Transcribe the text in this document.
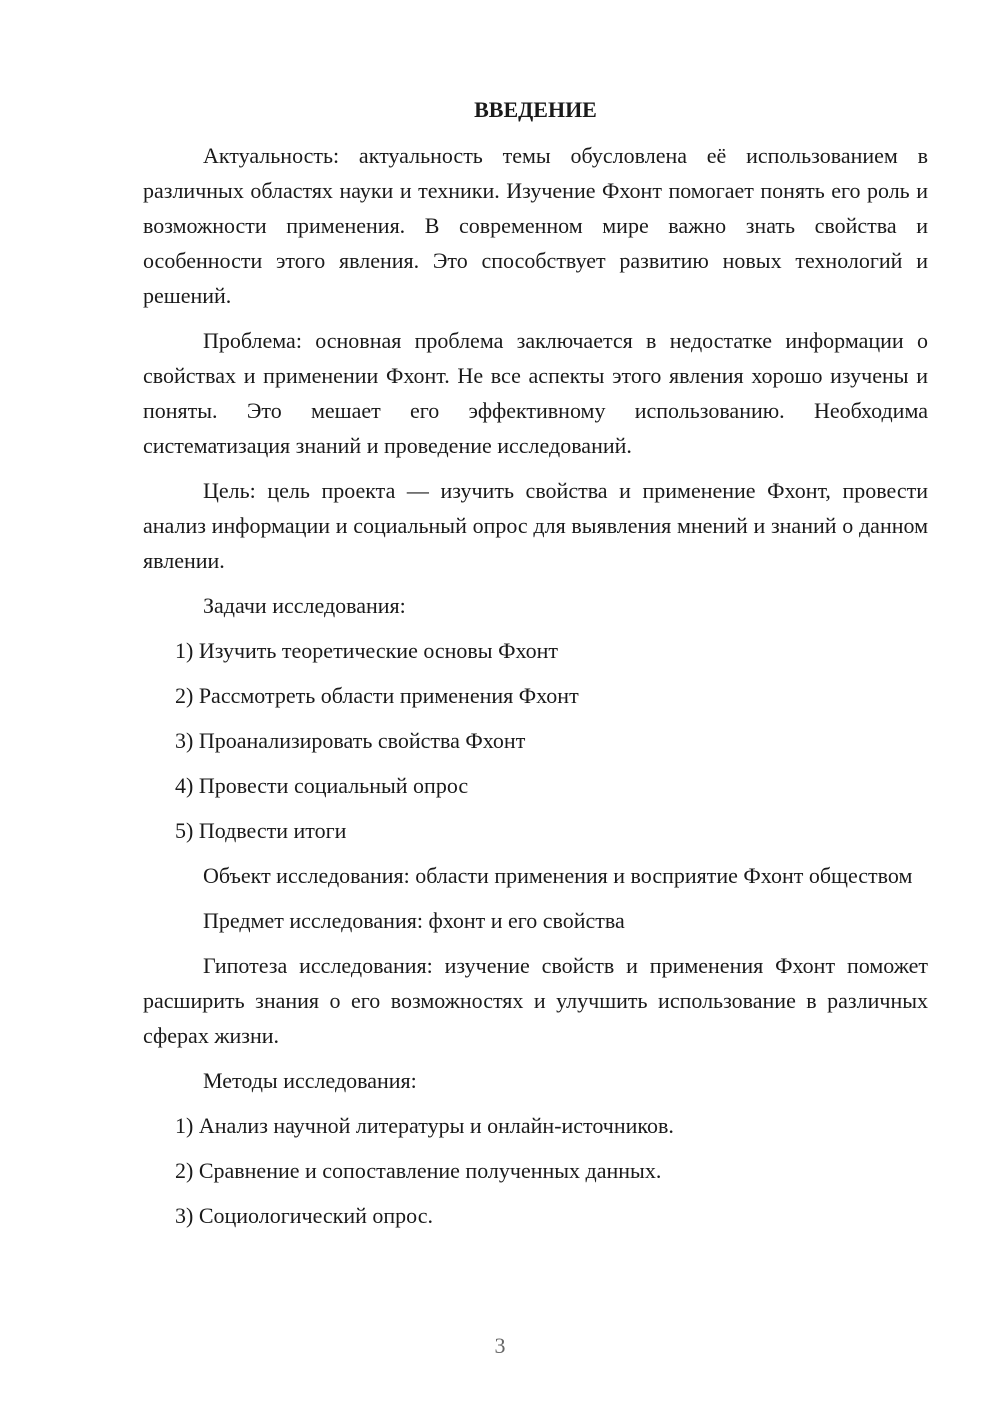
ВВЕДЕНИЕ

Актуальность: актуальность темы обусловлена её использованием в различных областях науки и техники. Изучение Фхонт помогает понять его роль и возможности применения. В современном мире важно знать свойства и особенности этого явления. Это способствует развитию новых технологий и решений.

Проблема: основная проблема заключается в недостатке информации о свойствах и применении Фхонт. Не все аспекты этого явления хорошо изучены и поняты. Это мешает его эффективному использованию. Необходима систематизация знаний и проведение исследований.

Цель: цель проекта — изучить свойства и применение Фхонт, провести анализ информации и социальный опрос для выявления мнений и знаний о данном явлении.

Задачи исследования:

1) Изучить теоретические основы Фхонт

2) Рассмотреть области применения Фхонт

3) Проанализировать свойства Фхонт

4) Провести социальный опрос

5) Подвести итоги

Объект исследования: области применения и восприятие Фхонт обществом

Предмет исследования: фхонт и его свойства

Гипотеза исследования: изучение свойств и применения Фхонт поможет расширить знания о его возможностях и улучшить использование в различных сферах жизни.

Методы исследования:

1) Анализ научной литературы и онлайн-источников.

2) Сравнение и сопоставление полученных данных.

3) Социологический опрос.

3
